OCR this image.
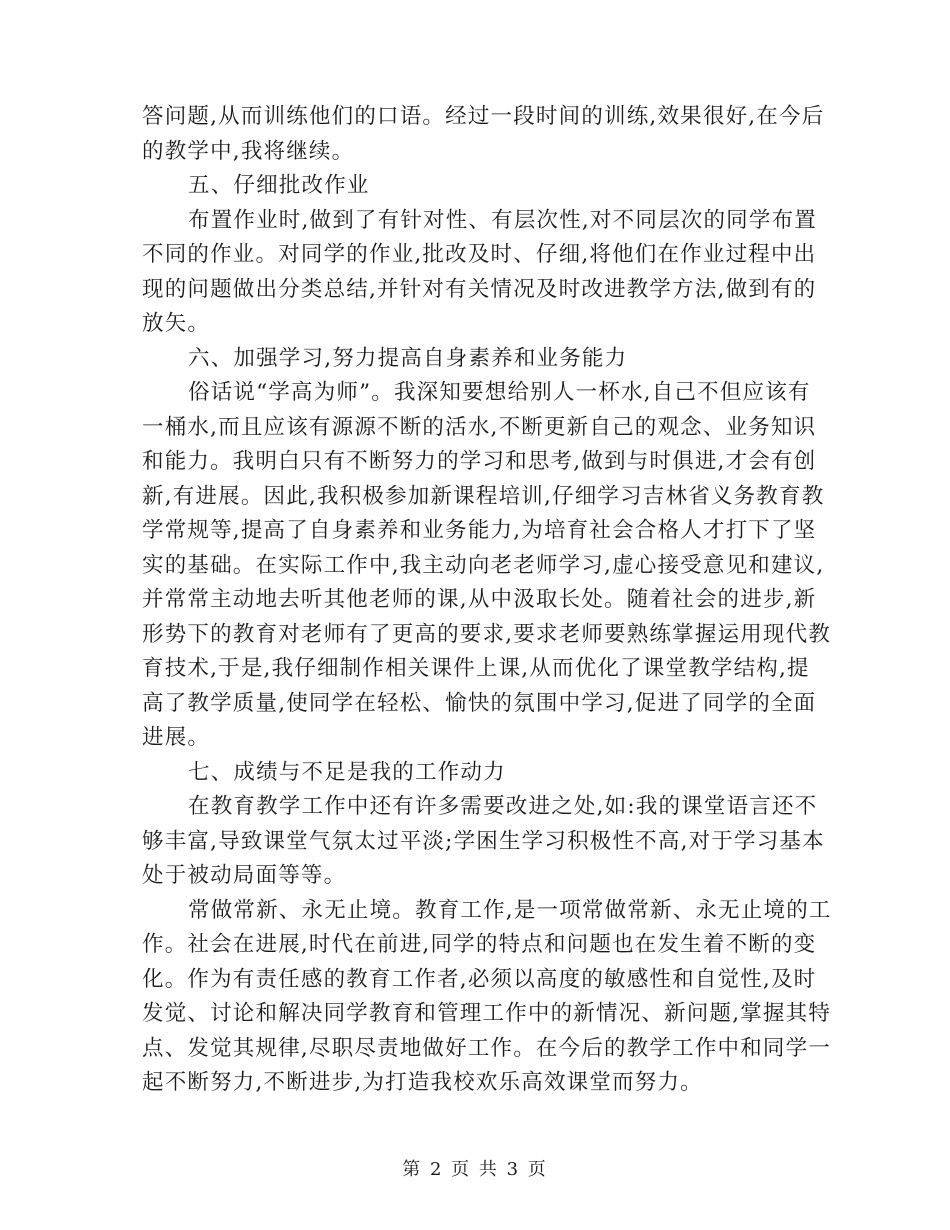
答问题,从而训练他们的口语。经过一段时间的训练,效果很好,在今后
的教学中,我将继续。
五、仔细批改作业
布置作业时,做到了有针对性、有层次性,对不同层次的同学布置
不同的作业。对同学的作业,批改及时、仔细,将他们在作业过程中出
现的问题做出分类总结,并针对有关情况及时改进教学方法,做到有的
放矢。
六、加强学习,努力提高自身素养和业务能力
俗话说“学高为师”。我深知要想给别人一杯水,自己不但应该有
一桶水,而且应该有源源不断的活水,不断更新自己的观念、业务知识
和能力。我明白只有不断努力的学习和思考,做到与时俱进,才会有创
新,有进展。因此,我积极参加新课程培训,仔细学习吉林省义务教育教
学常规等,提高了自身素养和业务能力,为培育社会合格人才打下了坚
实的基础。在实际工作中,我主动向老老师学习,虚心接受意见和建议,
并常常主动地去听其他老师的课,从中汲取长处。随着社会的进步,新
形势下的教育对老师有了更高的要求,要求老师要熟练掌握运用现代教
育技术,于是,我仔细制作相关课件上课,从而优化了课堂教学结构,提
高了教学质量,使同学在轻松、愉快的氛围中学习,促进了同学的全面
进展。
七、成绩与不足是我的工作动力
在教育教学工作中还有许多需要改进之处,如:我的课堂语言还不
够丰富,导致课堂气氛太过平淡;学困生学习积极性不高,对于学习基本
处于被动局面等等。
常做常新、永无止境。教育工作,是一项常做常新、永无止境的工
作。社会在进展,时代在前进,同学的特点和问题也在发生着不断的变
化。作为有责任感的教育工作者,必须以高度的敏感性和自觉性,及时
发觉、讨论和解决同学教育和管理工作中的新情况、新问题,掌握其特
点、发觉其规律,尽职尽责地做好工作。在今后的教学工作中和同学一
起不断努力,不断进步,为打造我校欢乐高效课堂而努力。
第 2 页 共 3 页
